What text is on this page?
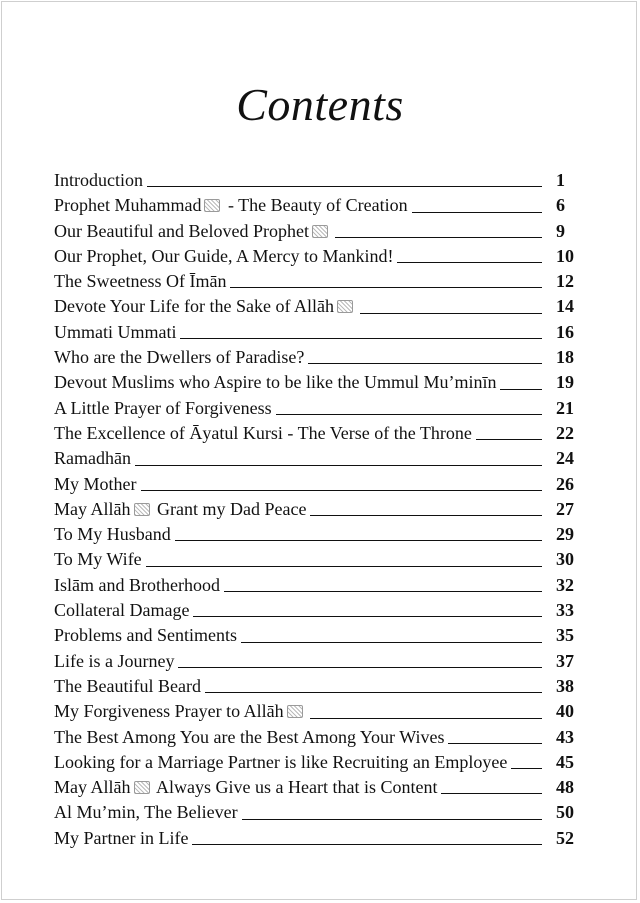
Contents
Introduction	1
Prophet Muhammad - The Beauty of Creation	6
Our Beautiful and Beloved Prophet	9
Our Prophet, Our Guide, A Mercy to Mankind!	10
The Sweetness Of Īmān	12
Devote Your Life for the Sake of Allāh	14
Ummati Ummati	16
Who are the Dwellers of Paradise?	18
Devout Muslims who Aspire to be like the Ummul Mu’minīn	19
A Little Prayer of Forgiveness	21
The Excellence of Āyatul Kursi - The Verse of the Throne	22
Ramadhān	24
My Mother	26
May Allāh Grant my Dad Peace	27
To My Husband	29
To My Wife	30
Islām and Brotherhood	32
Collateral Damage	33
Problems and Sentiments	35
Life is a Journey	37
The Beautiful Beard	38
My Forgiveness Prayer to Allāh	40
The Best Among You are the Best Among Your Wives	43
Looking for a Marriage Partner is like Recruiting an Employee	45
May Allāh Always Give us a Heart that is Content	48
Al Mu’min, The Believer	50
My Partner in Life	52
